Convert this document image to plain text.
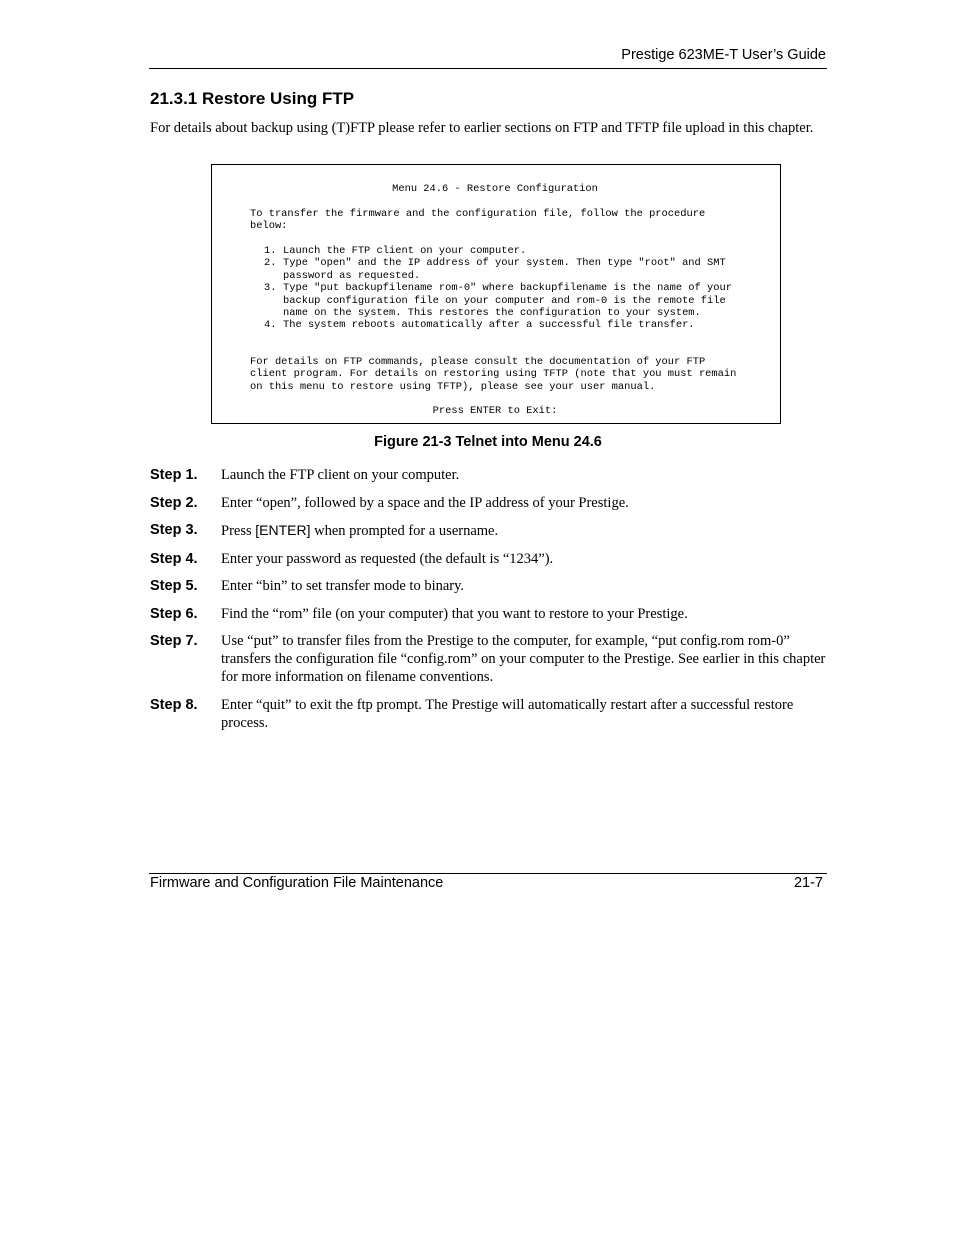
Prestige 623ME-T User’s Guide
21.3.1 Restore Using FTP

For details about backup using (T)FTP please refer to earlier sections on FTP and TFTP file upload in this chapter.

Menu 24.6 - Restore Configuration
To transfer the firmware and the configuration file, follow the procedure below:
1. Launch the FTP client on your computer.
2. Type "open" and the IP address of your system. Then type "root" and SMT password as requested.
3. Type "put backupfilename rom-0" where backupfilename is the name of your backup configuration file on your computer and rom-0 is the remote file name on the system. This restores the configuration to your system.
4. The system reboots automatically after a successful file transfer.
For details on FTP commands, please consult the documentation of your FTP client program. For details on restoring using TFTP (note that you must remain on this menu to restore using TFTP), please see your user manual.
Press ENTER to Exit:
Figure 21-3 Telnet into Menu 24.6
Step 1.	Launch the FTP client on your computer.
Step 2.	Enter “open”, followed by a space and the IP address of your Prestige.
Step 3.	Press [ENTER] when prompted for a username.
Step 4.	Enter your password as requested (the default is “1234”).
Step 5.	Enter “bin” to set transfer mode to binary.
Step 6.	Find the “rom” file (on your computer) that you want to restore to your Prestige.
Step 7.	Use “put” to transfer files from the Prestige to the computer, for example, “put config.rom rom-0” transfers the configuration file “config.rom” on your computer to the Prestige. See earlier in this chapter for more information on filename conventions.
Step 8.	Enter “quit” to exit the ftp prompt. The Prestige will automatically restart after a successful restore process.
Firmware and Configuration File Maintenance	21-7
